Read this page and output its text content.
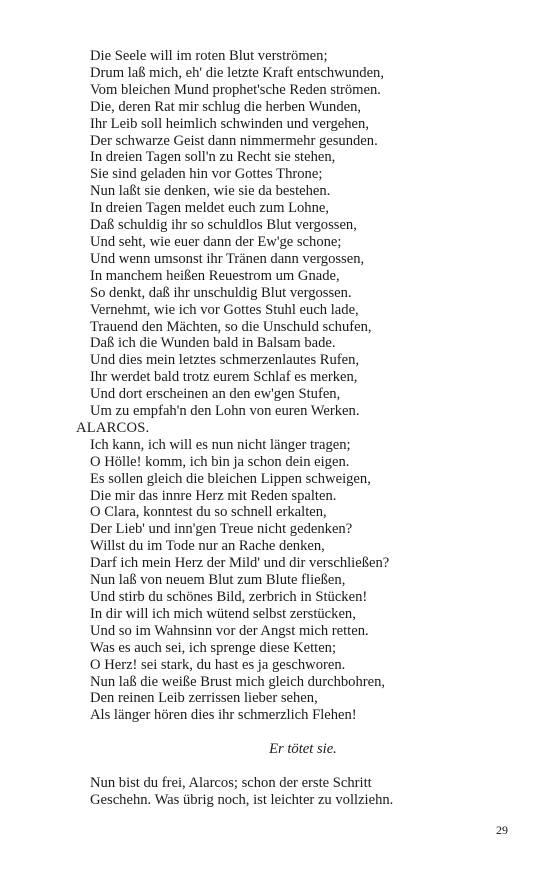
Die Seele will im roten Blut verströmen;
Drum laß mich, eh' die letzte Kraft entschwunden,
Vom bleichen Mund prophet'sche Reden strömen.
Die, deren Rat mir schlug die herben Wunden,
Ihr Leib soll heimlich schwinden und vergehen,
Der schwarze Geist dann nimmermehr gesunden.
In dreien Tagen soll'n zu Recht sie stehen,
Sie sind geladen hin vor Gottes Throne;
Nun laßt sie denken, wie sie da bestehen.
In dreien Tagen meldet euch zum Lohne,
Daß schuldig ihr so schuldlos Blut vergossen,
Und seht, wie euer dann der Ew'ge schone;
Und wenn umsonst ihr Tränen dann vergossen,
In manchem heißen Reuestrom um Gnade,
So denkt, daß ihr unschuldig Blut vergossen.
Vernehmt, wie ich vor Gottes Stuhl euch lade,
Trauend den Mächten, so die Unschuld schufen,
Daß ich die Wunden bald in Balsam bade.
Und dies mein letztes schmerzenlautes Rufen,
Ihr werdet bald trotz eurem Schlaf es merken,
Und dort erscheinen an den ew'gen Stufen,
Um zu empfah'n den Lohn von euren Werken.
ALARCOS.
Ich kann, ich will es nun nicht länger tragen;
O Hölle! komm, ich bin ja schon dein eigen.
Es sollen gleich die bleichen Lippen schweigen,
Die mir das innre Herz mit Reden spalten.
O Clara, konntest du so schnell erkalten,
Der Lieb' und inn'gen Treue nicht gedenken?
Willst du im Tode nur an Rache denken,
Darf ich mein Herz der Mild' und dir verschließen?
Nun laß von neuem Blut zum Blute fließen,
Und stirb du schönes Bild, zerbrich in Stücken!
In dir will ich mich wütend selbst zerstücken,
Und so im Wahnsinn vor der Angst mich retten.
Was es auch sei, ich sprenge diese Ketten;
O Herz! sei stark, du hast es ja geschworen.
Nun laß die weiße Brust mich gleich durchbohren,
Den reinen Leib zerrissen lieber sehen,
Als länger hören dies ihr schmerzlich Flehen!
Er tötet sie.
Nun bist du frei, Alarcos; schon der erste Schritt
Geschehn. Was übrig noch, ist leichter zu vollziehn.
29
